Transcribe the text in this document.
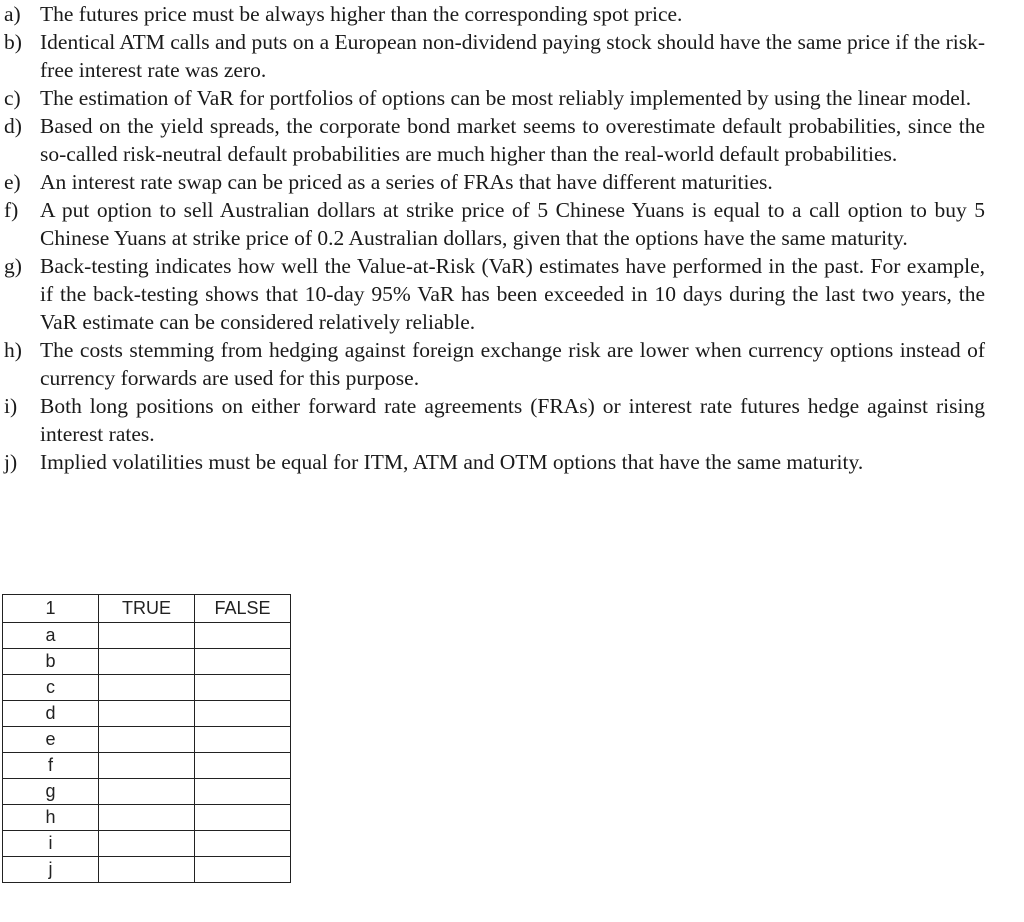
a) The futures price must be always higher than the corresponding spot price.
b) Identical ATM calls and puts on a European non-dividend paying stock should have the same price if the risk-free interest rate was zero.
c) The estimation of VaR for portfolios of options can be most reliably implemented by using the linear model.
d) Based on the yield spreads, the corporate bond market seems to overestimate default probabilities, since the so-called risk-neutral default probabilities are much higher than the real-world default probabilities.
e) An interest rate swap can be priced as a series of FRAs that have different maturities.
f) A put option to sell Australian dollars at strike price of 5 Chinese Yuans is equal to a call option to buy 5 Chinese Yuans at strike price of 0.2 Australian dollars, given that the options have the same maturity.
g) Back-testing indicates how well the Value-at-Risk (VaR) estimates have performed in the past. For example, if the back-testing shows that 10-day 95% VaR has been exceeded in 10 days during the last two years, the VaR estimate can be considered relatively reliable.
h) The costs stemming from hedging against foreign exchange risk are lower when currency options instead of currency forwards are used for this purpose.
i) Both long positions on either forward rate agreements (FRAs) or interest rate futures hedge against rising interest rates.
j) Implied volatilities must be equal for ITM, ATM and OTM options that have the same maturity.
1	TRUE	FALSE
a		
b		
c		
d		
e		
f		
g		
h		
i		
j		
